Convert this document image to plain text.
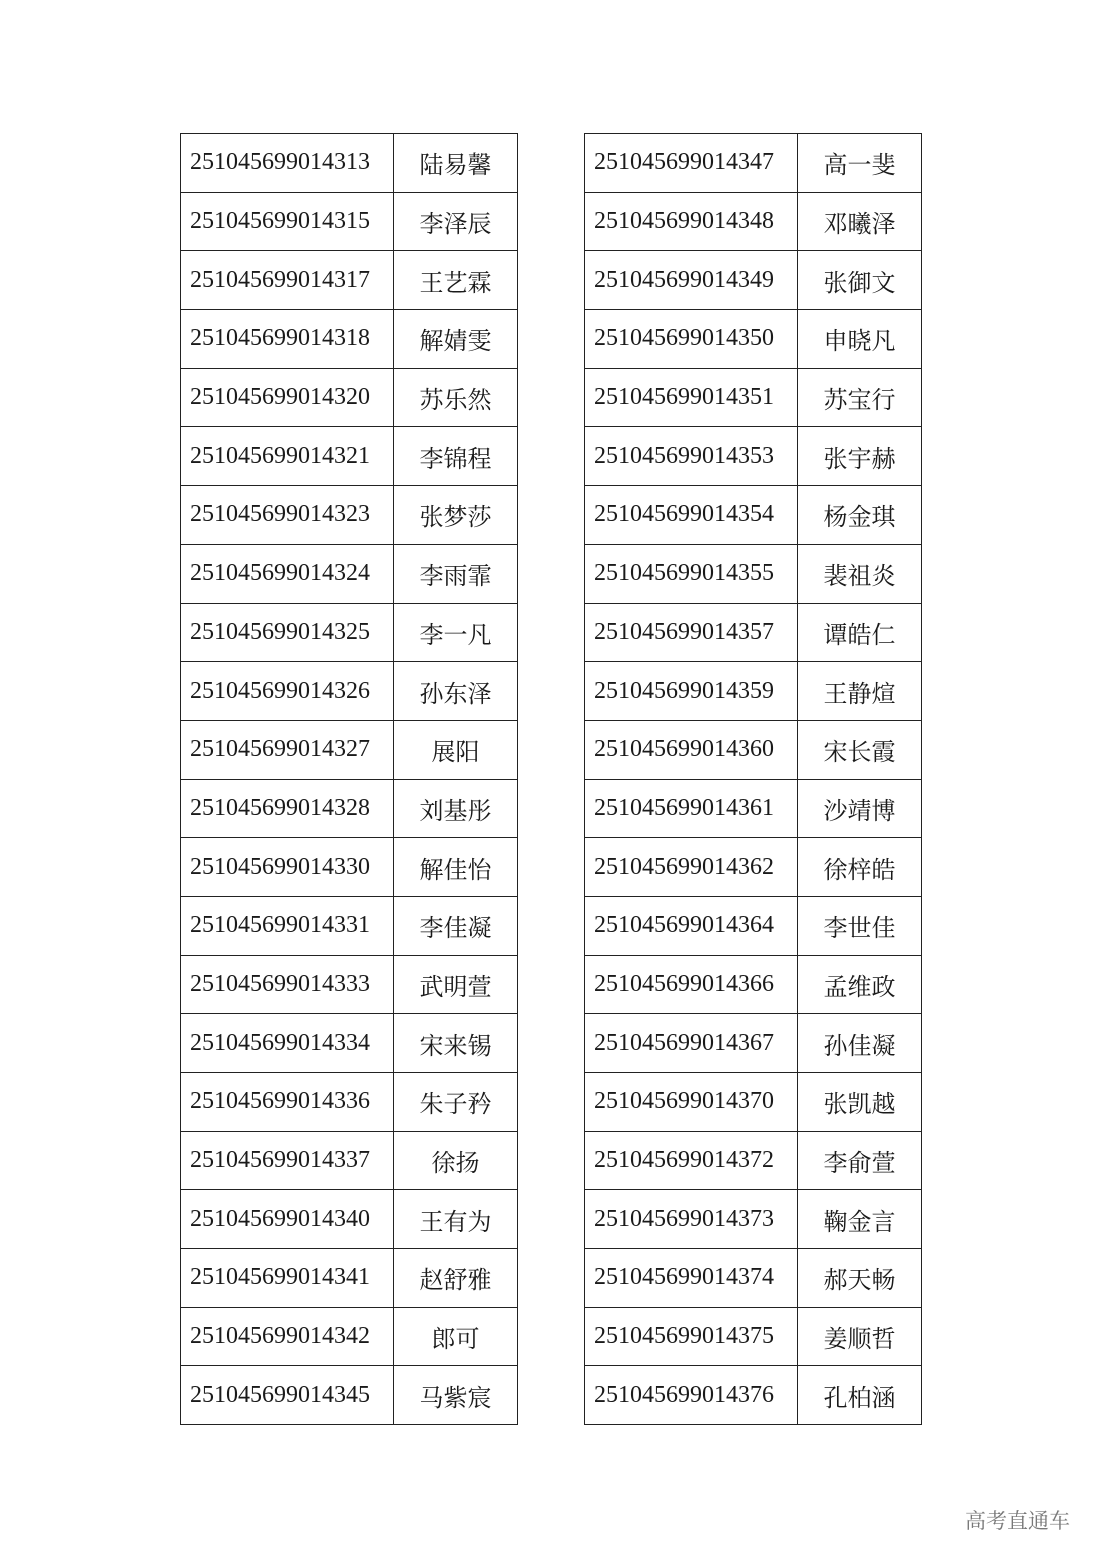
251045699014313	陆易馨
251045699014315	李泽辰
251045699014317	王艺霖
251045699014318	解婧雯
251045699014320	苏乐然
251045699014321	李锦程
251045699014323	张梦莎
251045699014324	李雨霏
251045699014325	李一凡
251045699014326	孙东泽
251045699014327	展阳
251045699014328	刘基彤
251045699014330	解佳怡
251045699014331	李佳凝
251045699014333	武明萱
251045699014334	宋来锡
251045699014336	朱子矜
251045699014337	徐扬
251045699014340	王有为
251045699014341	赵舒雅
251045699014342	郎可
251045699014345	马紫宸
251045699014347	高一斐
251045699014348	邓曦泽
251045699014349	张御文
251045699014350	申晓凡
251045699014351	苏宝行
251045699014353	张宇赫
251045699014354	杨金琪
251045699014355	裴祖炎
251045699014357	谭皓仁
251045699014359	王静煊
251045699014360	宋长霞
251045699014361	沙靖博
251045699014362	徐梓皓
251045699014364	李世佳
251045699014366	孟维政
251045699014367	孙佳凝
251045699014370	张凯越
251045699014372	李俞萱
251045699014373	鞠金言
251045699014374	郝天畅
251045699014375	姜顺哲
251045699014376	孔柏涵
高考直通车
